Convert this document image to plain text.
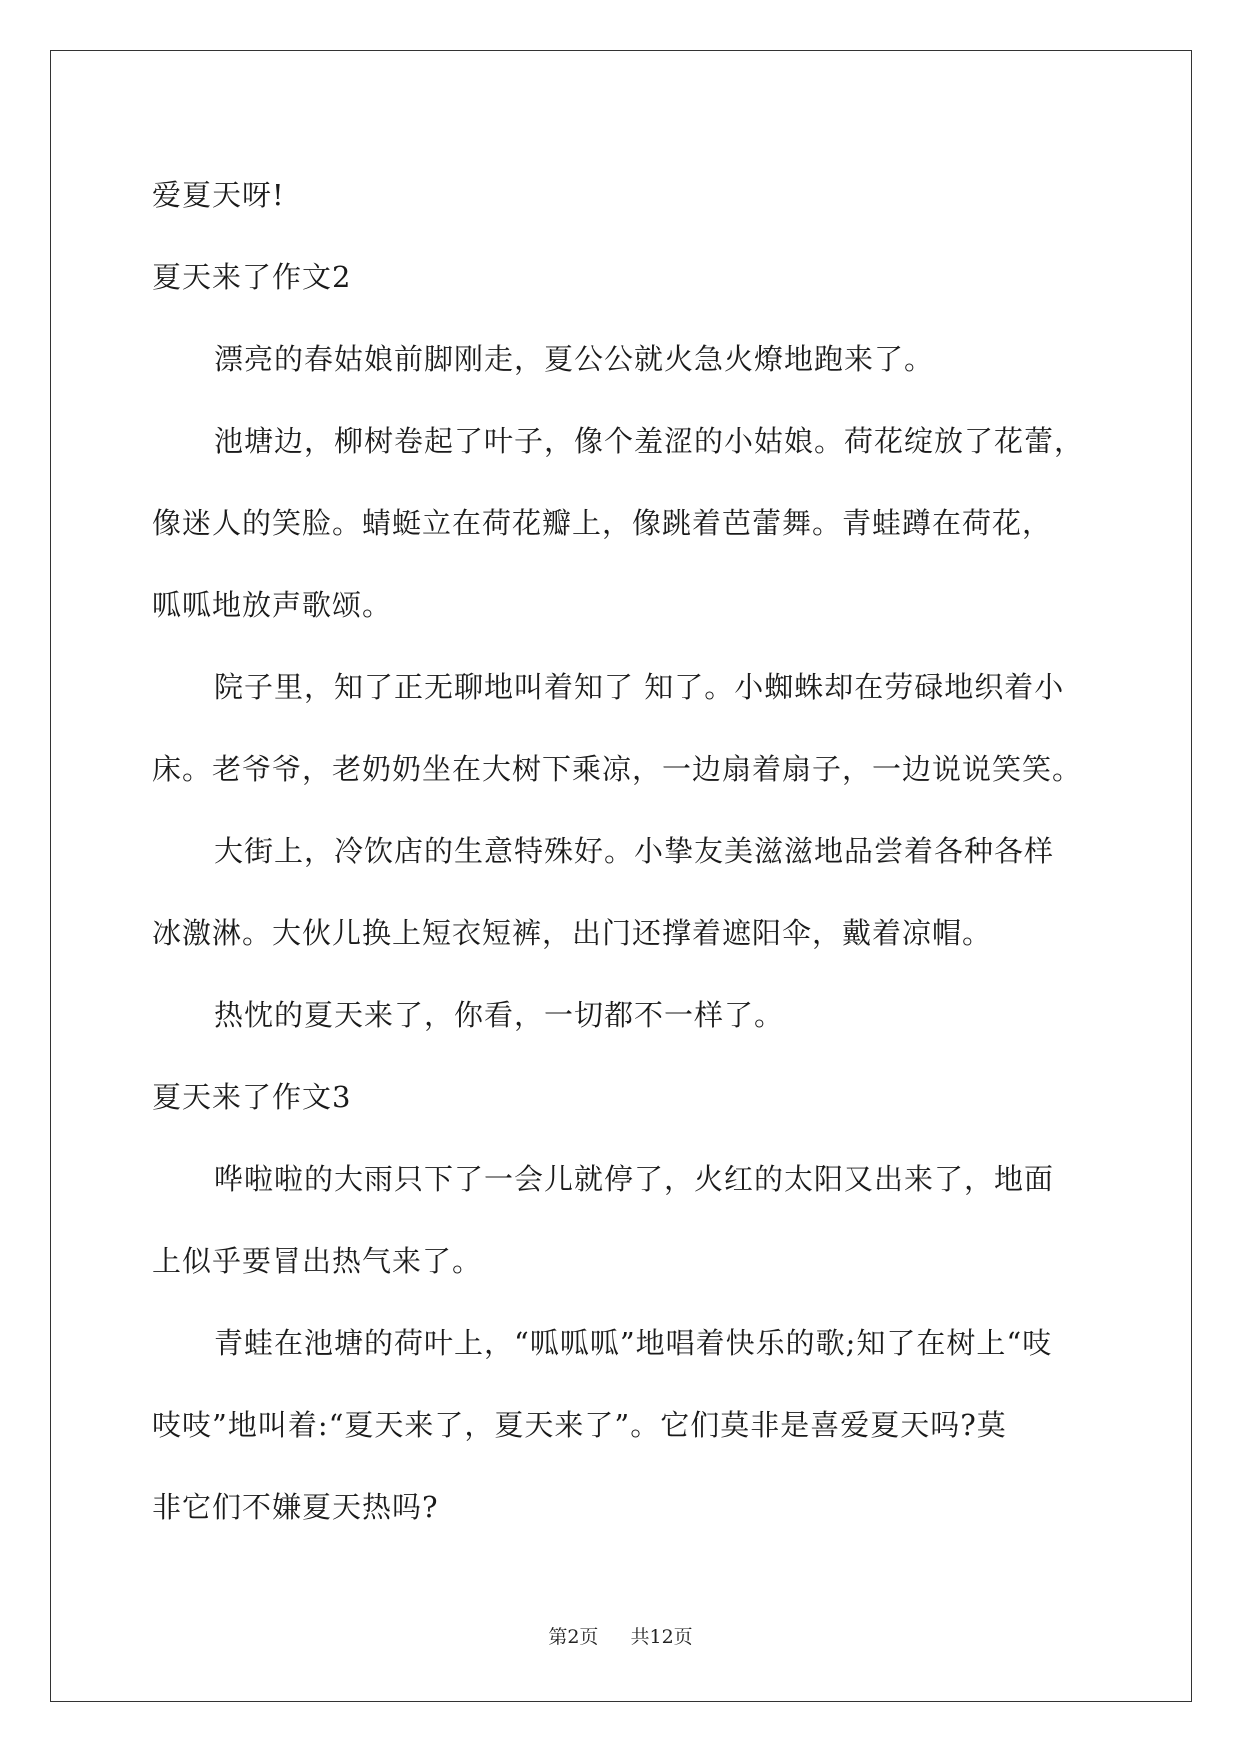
爱夏天呀!
夏天来了作文2
漂亮的春姑娘前脚刚走，夏公公就火急火燎地跑来了。
池塘边，柳树卷起了叶子，像个羞涩的小姑娘。荷花绽放了花蕾，
像迷人的笑脸。蜻蜓立在荷花瓣上，像跳着芭蕾舞。青蛙蹲在荷花，
呱呱地放声歌颂。
院子里，知了正无聊地叫着知了 知了。小蜘蛛却在劳碌地织着小
床。老爷爷，老奶奶坐在大树下乘凉，一边扇着扇子，一边说说笑笑。
大街上，冷饮店的生意特殊好。小挚友美滋滋地品尝着各种各样
冰激淋。大伙儿换上短衣短裤，出门还撑着遮阳伞，戴着凉帽。
热忱的夏天来了，你看，一切都不一样了。
夏天来了作文3
哗啦啦的大雨只下了一会儿就停了，火红的太阳又出来了，地面
上似乎要冒出热气来了。
青蛙在池塘的荷叶上，“呱呱呱”地唱着快乐的歌;知了在树上“吱
吱吱”地叫着:“夏天来了，夏天来了”。它们莫非是喜爱夏天吗?莫
非它们不嫌夏天热吗?
第2页 共12页
